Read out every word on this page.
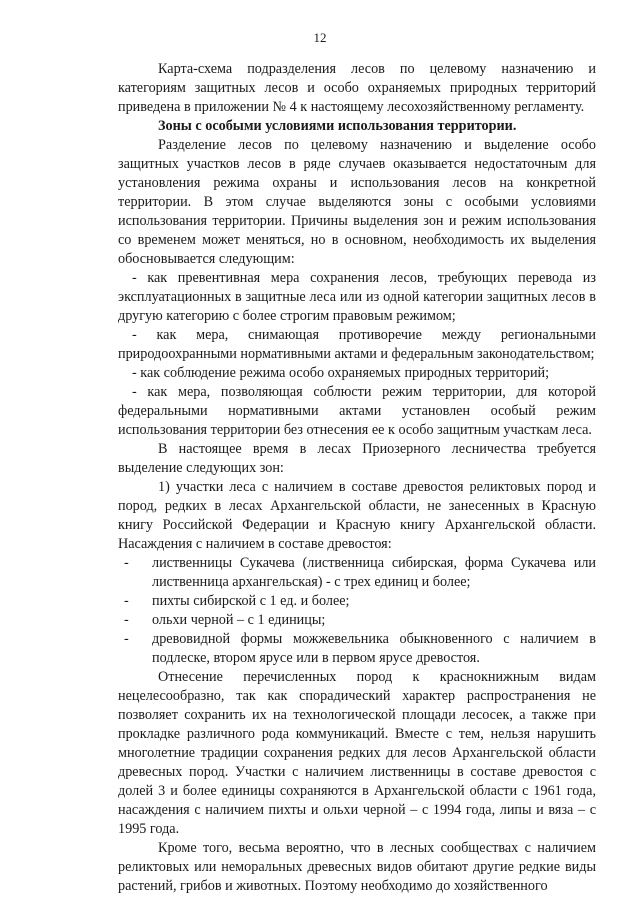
12

Карта-схема подразделения лесов по целевому назначению и категориям защитных лесов и особо охраняемых природных территорий приведена в приложении № 4 к настоящему лесохозяйственному регламенту.

Зоны с особыми условиями использования территории.

Разделение лесов по целевому назначению и выделение особо защитных участков лесов в ряде случаев оказывается недостаточным для установления режима охраны и использования лесов на конкретной территории. В этом случае выделяются зоны с особыми условиями использования территории. Причины выделения зон и режим использования со временем может меняться, но в основном, необходимость их выделения обосновывается следующим:

- как превентивная мера сохранения лесов, требующих перевода из эксплуатационных в защитные леса или из одной категории защитных лесов в другую категорию с более строгим правовым режимом;

- как мера, снимающая противоречие между региональными природоохранными нормативными актами и федеральным законодательством;

- как соблюдение режима особо охраняемых природных территорий;

- как мера, позволяющая соблюсти режим территории, для которой федеральными нормативными актами установлен особый режим использования территории без отнесения ее к особо защитным участкам леса.

В настоящее время в лесах Приозерного лесничества требуется выделение следующих зон:

1) участки леса с наличием в составе древостоя реликтовых пород и пород, редких в лесах Архангельской области, не занесенных в Красную книгу Российской Федерации и Красную книгу Архангельской области. Насаждения с наличием в составе древостоя:

-	лиственницы Сукачева (лиственница сибирская, форма Сукачева или лиственница архангельская) - с трех единиц и более;
-	пихты сибирской с 1 ед. и более;
-	ольхи черной – с 1 единицы;
-	древовидной формы можжевельника обыкновенного с наличием в подлеске, втором ярусе или в первом ярусе древостоя.

Отнесение перечисленных пород к краснокнижным видам нецелесообразно, так как спорадический характер распространения не позволяет сохранить их на технологической площади лесосек, а также при прокладке различного рода коммуникаций. Вместе с тем, нельзя нарушить многолетние традиции сохранения редких для лесов Архангельской области древесных пород. Участки с наличием лиственницы в составе древостоя с долей 3 и более единицы сохраняются в Архангельской области с 1961 года, насаждения с наличием пихты и ольхи черной – с 1994 года, липы и вяза – с 1995 года.

Кроме того, весьма вероятно, что в лесных сообществах с наличием реликтовых или неморальных древесных видов обитают другие редкие виды растений, грибов и животных. Поэтому необходимо до хозяйственного
